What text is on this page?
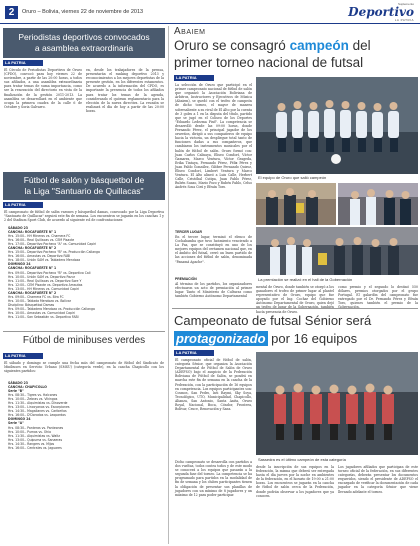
2	Oruro – Bolivia, viernes 22 de noviembre de 2013
Suplemento
Deportivo
LA PATRIA
Periodistas deportivos convocados
a asamblea extraordinaria
LA PATRIA
El Círculo de Periodistas Deportivos de Oruro (CPDO), convocó para hoy viernes 22 de noviembre, a partir de las 20:00 horas, a todos sus afiliados, a una asamblea extraordinaria para tratar temas de suma importancia, como ser la renovación del directorio en vista de la finalización de la gestión 2011-2013. La asamblea se desarrollará en el ambiente que ocupa la primera cuadra de la calle 6 de Octubre y Soria Galvarro.
en, desde los trabajadores de la prensa, presentarán el ranking deportivo 2013 y reconocimientos a los mejores deportistas de la presente gestión, en los diferentes estamentos. De acuerdo a la información del CPDO, es importante la presencia de todos los afiliados para tratar los temas de la agenda, considerando el quórum reglamentario para la elección de la nueva directiva. La reunión se realizará el día de hoy a partir de las 20:00 horas.
Fútbol de salón y básquetbol de
la Liga "Santuario de Quillacas"
LA PATRIA
El campeonato de fútbol de salón varones y básquetbol damas, convocado por la Liga Deportiva "Santuario de Quillacas" seguirá este fin de semana. Los encuentros se jugarán en los canchas 1 y 2 del Stadium Sport Club, de acuerdo al siguiente rol de confrontaciones:
SÁBADO 23
CANCHA: ROCAFUERTE N° 1
Hrs. 15:00.- HH Mineros vs. Chamera FC
Hrs. 16:00.- Real Quillacas vs. CEM Pisaxte
Hrs. 17:00.- Deportivo Pacheco "A" vs. Comunidad Capiri
CANCHA: ROCAFUERTE N° 2
Hrs. 15:00.- Deportivo Pacheco "B" vs. Producción Callanga
Hrs. 16:00.- Amautas vs. Deportivo FABI
Hrs. 18:00.- Unión SAM vs. Tabladero Mendoza
DOMINGO 24
CANCHA: ROCAFUERTE N° 1
Hrs. 09:00.- Deportivo Pacheco "B" vs. Deportivo Cali
Hrs. 10:00.- Unión SAM vs. Deportivo Pazur
Hrs. 11:00.- Real Quillacas vs. Deportivo Sore Y
Hrs. 12:00.- CEM Pisaxte vs. Deportivo Amautas
Hrs. 13:00.- HH Mineros vs. Comunidad Capiri
CANCHA: ROCAFUERTE N° 2
Hrs. 09:00.- Chamera FC vs. Bira FC
Hrs. 10:00.- Tablada Mendoza vs. Bolívar
Disciplina: Básquetbol Damas
Hrs. 09:00.- Tabladero Mendoza vs. Producción Callanga
Hrs. 10:00.- Amautas vs. Comunidad Capiri
Hrs. 11:00.- San Sebastián vs. Deportivo FABI
Fútbol de minibuses verdes
LA PATRIA
El sábado y domingo se cumple una fecha más del campeonato de fútbol del Sindicato de Minibuses en Servicio Urbano (SMSU) (categoría verde), en la cancha Chapicollo con los siguientes partidos:
SÁBADO 23
CANCHA: CHAPICOLLO
Serie "B"
Hrs. 08:30.- Tigres vs. Halcones
Hrs. 10:00.- Zebras vs. Vikingos
Hrs. 11:30.- Alquimistas vs. Dinoverde
Hrs. 13:00.- Lincoyanos vs. Escorpiones
Hrs. 14:30.- Magallanes vs. Caribeños
Hrs. 16:00.- D'Dorados vs. Leopardos
DOMINGO 24
Serie "A"
Hrs. 08:30.- Panteras vs. Panteones
Hrs. 10:00.- Pumas vs. Ohio
Hrs. 11:30.- Alquimistas vs. Waltz
Hrs. 13:00.- Quipuma vs. Sanaeras
Hrs. 14:30.- Rangers vs. Mijos
Hrs. 16:00.- Centrales vs. Jaguares
Abaiem
Oruro se consagró campeón del
primer torneo nacional de futsal
LA PATRIA
La selección de Oruro que participó en el primer campeonato nacional de fútbol de salón que organizó la Asociación Boliviana de Árbitros, Instructores y Ejecutivos de Música (Abaiem), se quedó con el trofeo de campeón de dicho torneo, el mayor de manera sobresaliente a su rival de El Alto por la cuenta de 3 goles a 1 en la disputa del título, partido que se jugó en el Coliseo de los Deportes "Eduardo Ledezma Pisd". La competencia se desarrolló desde las 09:00 horas, donde Fernando Pérez, el principal jugador de los orureños, dirigió a sus compañeros de equipo hacia la victoria, un despliegue total tanto de funciones dadas a sus compañeros, que cambiaron los instrumentos musicales por el balón de fútbol de salón. Oruro formó con: Juan Carlos Calisaya, Eliseo Condorí, Víctor Gamarra, Marco Ventura, Víctor Grageda, Erika Tintaya, Fernando Pérez, Félix Pérez y Juan Pablo González, Gibber Fernando Quiroz, Eliseo Condorí, Limbert Ventura y Marco Ventura. El Alto alineó a Luis Calle, Herbert Calle, Cristóbal Cutipa, Juan Pablo Pérez, Rubén Suazo, Mario Pozo y Rubén Pablo, Celso Andrés Sosa Cirú y Efraín Toro.
TERCER LUGAR
En el tercer lugar, terminó el elenco de Cochabamba que tuvo lucimiento venciendo a La Paz, que se constituyó en uno de los mejores equipos del certamen nacional que, en el ámbito del futsal, cerró un buen partido de las acciones del fútbol de salón, denominada "Panamá Apache".
PREMIACIÓN
Al término de los partidos, los organizadores efectuaron un acto de premiación al primer lugar. Tanto el Ministerio de Culturas como también Gobierno Autónomo Departamental
El equipo de Oruro que salió campeón
La premiación se realizó en el hall de la Gobernación
mental de Oruro, donde también se otorgó a los ganadores el trofeo de primer lugar al plantel representativo de Oruro, equipo que fue apoyado por el Ing. Cochar del Gobierno Autónomo Departamental de Oruro, quien dejó hacía presencia de Oruro.
como premio y el segundo lo destinó 550 dólares, premios otorgados por el grupo Portugal. El galardón del campeonato fue entregado por el Dr. Fernando Pérez y Efraín Toro, quienes también el premio de la
Campeonato de futsal Sénior será
protagonizado por 16 equipos
LA PATRIA
El campeonato oficial de fútbol de salón, categoría Sénior, que organiza la Asociación Departamental de Fútbol de Salón de Oruro (ADEFSO) bajo el auspicio de la Federación Boliviana de Fútbol de Salón, se pondrá en marcha este fin de semana en la cancha de la Federación, con la participación de 16 equipos en competencia. Los equipos participantes son: Cosmos, San Pedro, Inti Raymi, Sky Soya, Tecnológico, UTO, Municipalidad, Chapicollo, Alianza, San Antonio, Santa Anita, Oruro Royal, Nacional, Boca, Cóndor, Frontera, Bolívar, Cruce, Renovación y Sanz.
Dicho campeonato se desarrolla con partidos a dos vueltas, todos contra todos y de este modo se conocerá a los equipos que pasarán a la segunda fase del torneo. La competencia se ha programado para partidos en la modalidad de fin de semana y los clubes participantes tienen la obligación de presentar sus planillas de jugadores con un mínimo de 8 jugadores y un máximo de 12 para poder participar.
Sassedra es el último campeón de esta categoría
desde la inscripción de sus equipos en la federación, la misma que deberá ser entregada hasta el día jueves por la noche en ambientes de la federación, en el horario de 19:00 a 21:00 horas. Los encuentros se jugarán en la cancha de fútbol de salón cerca de la Federación, donde podrán observar a los jugadores que ya conocen.
Los jugadores afiliados que participan de este torneo oficial de la federación, en sus diferentes categorías, deberán presentar los documentos requeridos, siendo el presidente de ADEFSO el encargado de verificar la documentación de cada jugador en la categoría Sénior que viene llevando adelante el torneo.
